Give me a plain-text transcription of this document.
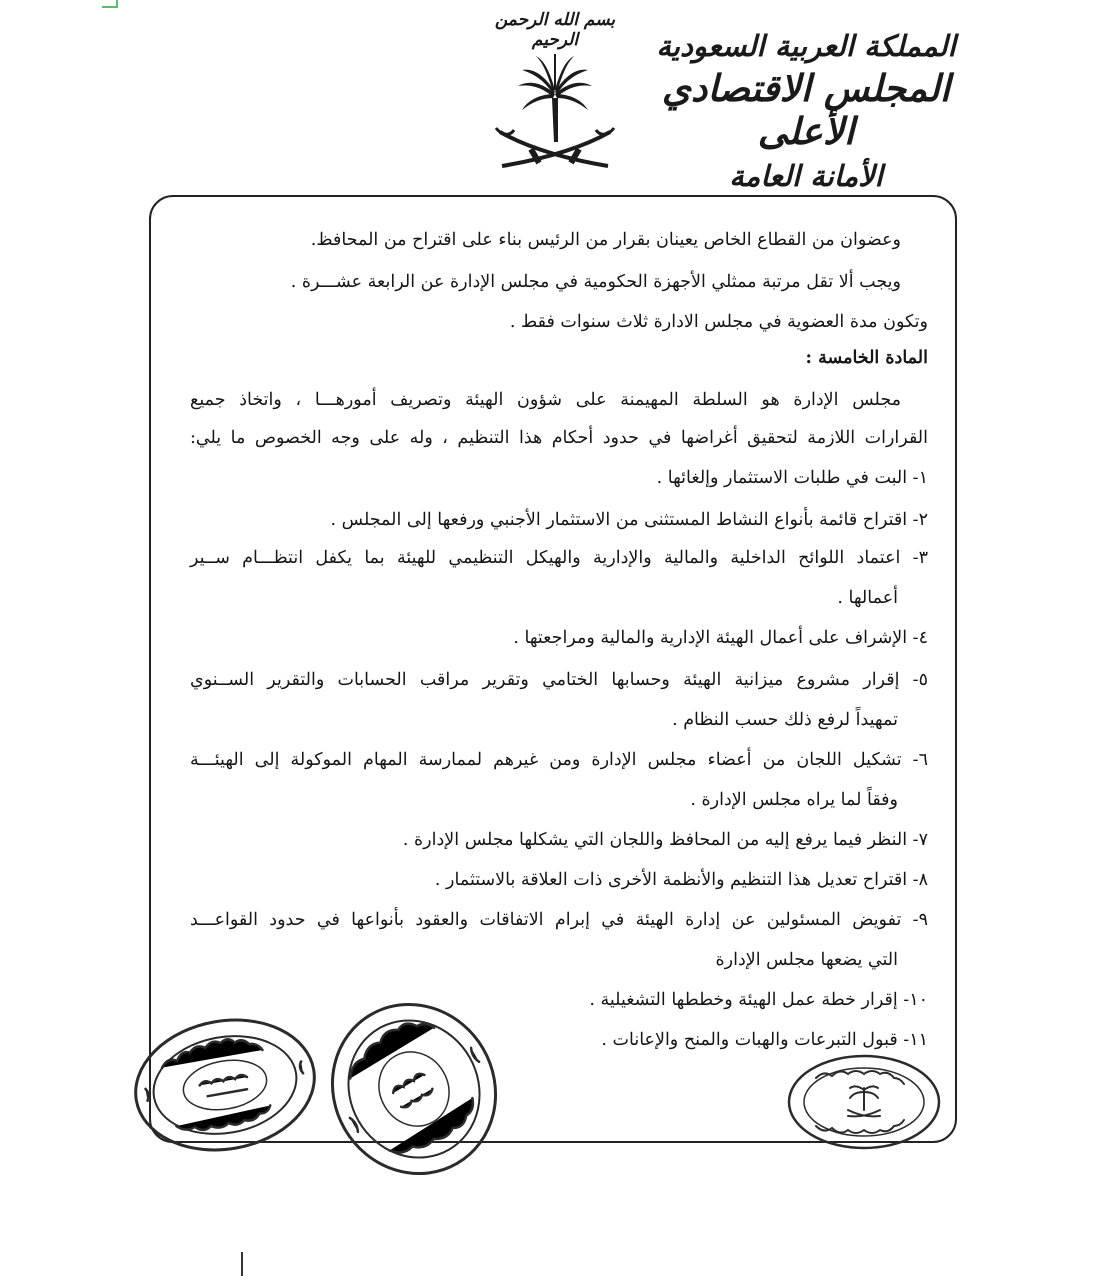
بسم الله الرحمن الرحيم	المملكة العربية السعودية
المجلس الاقتصادي الأعلى
الأمانة العامة
وعضوان من القطاع الخاص يعينان بقرار من الرئيس بناء على اقتراح من المحافظ.
ويجب ألا تقل مرتبة ممثلي الأجهزة الحكومية في مجلس الإدارة عن الرابعة عشـــرة .
وتكون مدة العضوية في مجلس الادارة ثلاث سنوات فقط .
المادة الخامسة :
مجلس الإدارة هو السلطة المهيمنة على شؤون الهيئة وتصريف أمورهـــا ، واتخاذ جميع
القرارات اللازمة لتحقيق أغراضها في حدود أحكام هذا التنظيم ، وله على وجه الخصوص ما يلي:
١- البت في طلبات الاستثمار وإلغائها .
٢- اقتراح قائمة بأنواع النشاط المستثنى من الاستثمار الأجنبي ورفعها إلى المجلس .
٣- اعتماد اللوائح الداخلية والمالية والإدارية والهيكل التنظيمي للهيئة بما يكفل انتظـــام ســير
أعمالها .
٤- الإشراف على أعمال الهيئة الإدارية والمالية ومراجعتها .
٥- إقرار مشروع ميزانية الهيئة وحسابها الختامي وتقرير مراقب الحسابات والتقرير الســنوي
تمهيداً لرفع ذلك حسب النظام .
٦- تشكيل اللجان من أعضاء مجلس الإدارة ومن غيرهم لممارسة المهام الموكولة إلى الهيئـــة
وفقاً لما يراه مجلس الإدارة .
٧- النظر فيما يرفع إليه من المحافظ واللجان التي يشكلها مجلس الإدارة .
٨- اقتراح تعديل هذا التنظيم والأنظمة الأخرى ذات العلاقة بالاستثمار .
٩- تفويض المسئولين عن إدارة الهيئة في إبرام الاتفاقات والعقود بأنواعها في حدود القواعـــد
التي يضعها مجلس الإدارة
١٠- إقرار خطة عمل الهيئة وخططها التشغيلية .
١١- قبول التبرعات والهبات والمنح والإعانات .
